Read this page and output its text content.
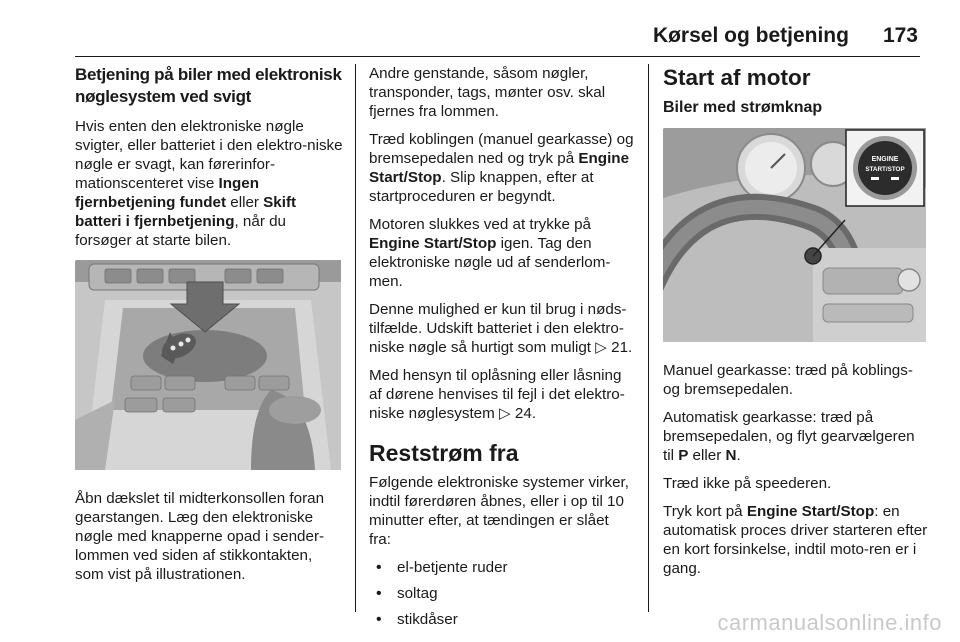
Kørsel og betjening 173
Betjening på biler med elektronisk nøglesystem ved svigt

Hvis enten den elektroniske nøgle svigter, eller batteriet i den elektro-niske nøgle er svagt, kan førerinfor-mationscenteret vise Ingen fjernbetjening fundet eller Skift batteri i fjernbetjening, når du forsøger at starte bilen.

Åbn dækslet til midterkonsollen foran gearstangen. Læg den elektroniske nøgle med knapperne opad i sender-lommen ved siden af stikkontakten, som vist på illustrationen.

Andre genstande, såsom nøgler, transponder, tags, mønter osv. skal fjernes fra lommen.

Træd koblingen (manuel gearkasse) og bremsepedalen ned og tryk på Engine Start/Stop. Slip knappen, efter at startproceduren er begyndt.

Motoren slukkes ved at trykke på Engine Start/Stop igen. Tag den elektroniske nøgle ud af senderlom-men.

Denne mulighed er kun til brug i nøds-tilfælde. Udskift batteriet i den elektro-niske nøgle så hurtigt som muligt ▷ 21.

Med hensyn til oplåsning eller låsning af dørene henvises til fejl i det elektro-niske nøglesystem ▷ 24.

Reststrøm fra

Følgende elektroniske systemer virker, indtil førerdøren åbnes, eller i op til 10 minutter efter, at tændingen er slået fra:

• el-betjente ruder
• soltag
• stikdåser
Start af motor
Biler med strømknap
ENGINE
START/STOP

Manuel gearkasse: træd på koblings- og bremsepedalen.

Automatisk gearkasse: træd på bremsepedalen, og flyt gearvælgeren til P eller N.

Træd ikke på speederen.

Tryk kort på Engine Start/Stop: en automatisk proces driver starteren efter en kort forsinkelse, indtil moto-ren er i gang.

carmanualsonline.info
